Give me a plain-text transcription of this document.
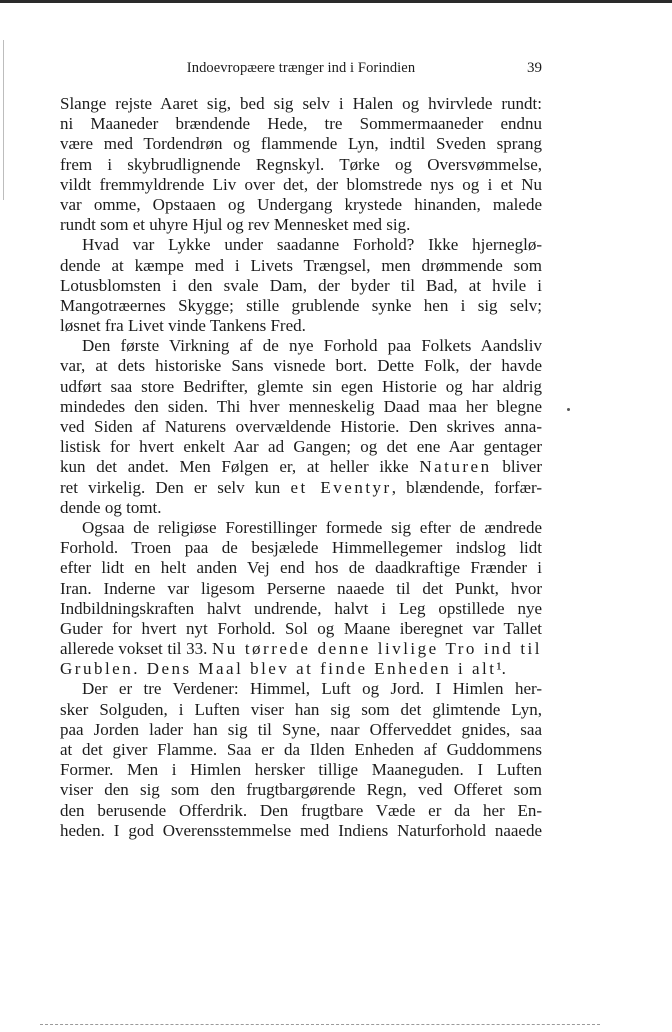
Indoevropæere trænger ind i Forindien	39
Slange rejste Aaret sig, bed sig selv i Halen og hvirvlede rundt:
ni Maaneder brændende Hede, tre Sommermaaneder endnu
være med Tordendrøn og flammende Lyn, indtil Sveden sprang
frem i skybrudlignende Regnskyl. Tørke og Oversvømmelse,
vildt fremmyldrende Liv over det, der blomstrede nys og i et Nu
var omme, Opstaaen og Undergang krystede hinanden, malede
rundt som et uhyre Hjul og rev Mennesket med sig.
Hvad var Lykke under saadanne Forhold? Ikke hjerneglø-
dende at kæmpe med i Livets Trængsel, men drømmende som
Lotusblomsten i den svale Dam, der byder til Bad, at hvile i
Mangotræernes Skygge; stille grublende synke hen i sig selv;
løsnet fra Livet vinde Tankens Fred.
Den første Virkning af de nye Forhold paa Folkets Aandsliv
var, at dets historiske Sans visnede bort. Dette Folk, der havde
udført saa store Bedrifter, glemte sin egen Historie og har aldrig
mindedes den siden. Thi hver menneskelig Daad maa her blegne
ved Siden af Naturens overvældende Historie. Den skrives anna-
listisk for hvert enkelt Aar ad Gangen; og det ene Aar gentager
kun det andet. Men Følgen er, at heller ikke Naturen bliver
ret virkelig. Den er selv kun et Eventyr, blændende, forfær-
dende og tomt.
Ogsaa de religiøse Forestillinger formede sig efter de ændrede
Forhold. Troen paa de besjælede Himmellegemer indslog lidt
efter lidt en helt anden Vej end hos de daadkraftige Frænder i
Iran. Inderne var ligesom Perserne naaede til det Punkt, hvor
Indbildningskraften halvt undrende, halvt i Leg opstillede nye
Guder for hvert nyt Forhold. Sol og Maane iberegnet var Tallet
allerede vokset til 33. Nu tørrede denne livlige Tro ind til
Grublen. Dens Maal blev at finde Enheden i alt¹.
Der er tre Verdener: Himmel, Luft og Jord. I Himlen her-
sker Solguden, i Luften viser han sig som det glimtende Lyn,
paa Jorden lader han sig til Syne, naar Offerveddet gnides, saa
at det giver Flamme. Saa er da Ilden Enheden af Guddommens
Former. Men i Himlen hersker tillige Maaneguden. I Luften
viser den sig som den frugtbargørende Regn, ved Offeret som
den berusende Offerdrik. Den frugtbare Væde er da her En-
heden. I god Overensstemmelse med Indiens Naturforhold naaede
